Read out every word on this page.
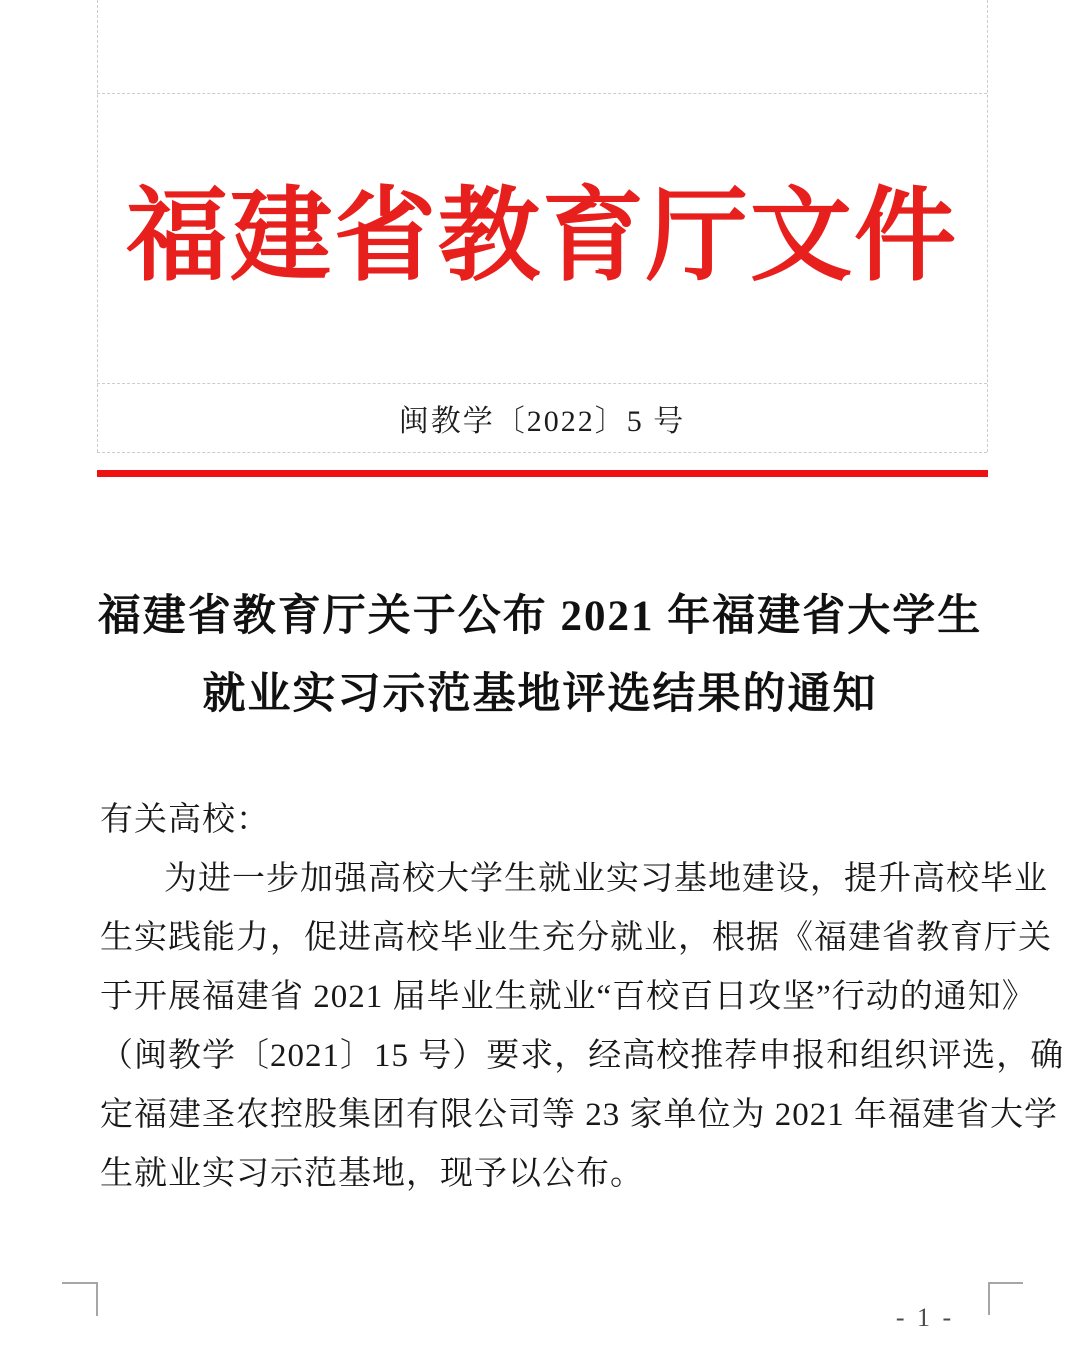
福建省教育厅文件
闽教学〔2022〕5 号
福建省教育厅关于公布 2021 年福建省大学生
就业实习示范基地评选结果的通知
有关高校：
为进一步加强高校大学生就业实习基地建设，提升高校毕业
生实践能力，促进高校毕业生充分就业，根据《福建省教育厅关
于开展福建省 2021 届毕业生就业“百校百日攻坚”行动的通知》
（闽教学〔2021〕15 号）要求，经高校推荐申报和组织评选，确
定福建圣农控股集团有限公司等 23 家单位为 2021 年福建省大学
生就业实习示范基地，现予以公布。
- 1 -
